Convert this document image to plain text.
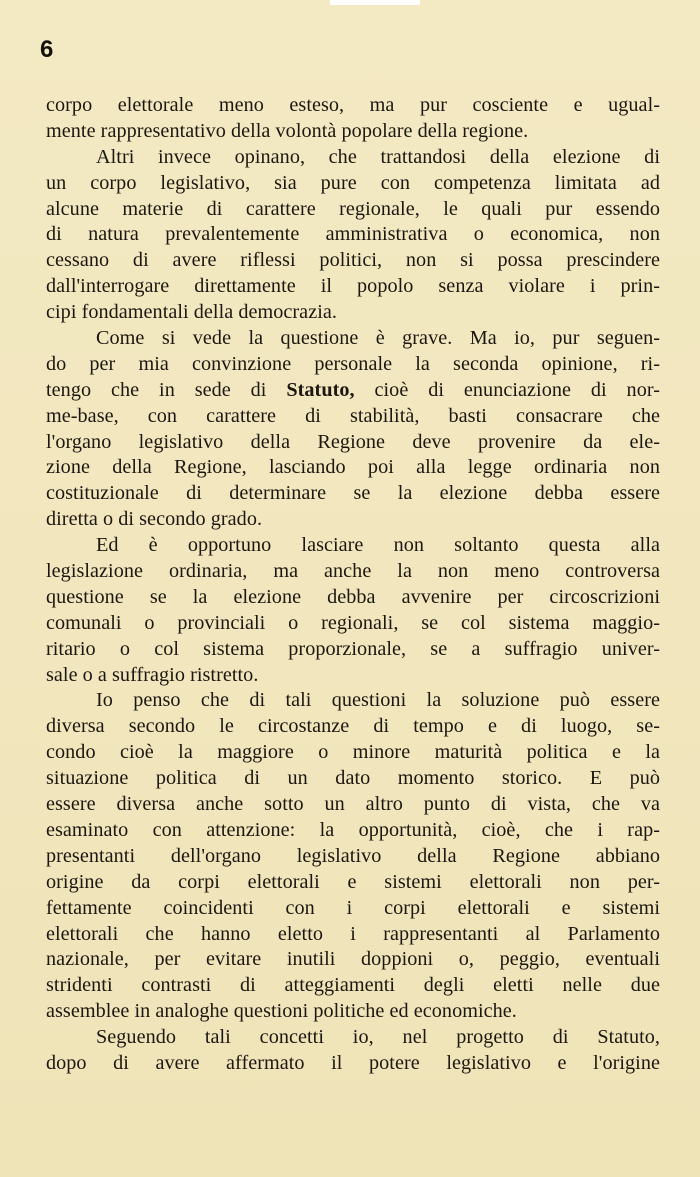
6
corpo elettorale meno esteso, ma pur cosciente e ugual-
mente rappresentativo della volontà popolare della regione.
Altri invece opinano, che trattandosi della elezione di
un corpo legislativo, sia pure con competenza limitata ad
alcune materie di carattere regionale, le quali pur essendo
di natura prevalentemente amministrativa o economica, non
cessano di avere riflessi politici, non si possa prescindere
dall'interrogare direttamente il popolo senza violare i prin-
cipi fondamentali della democrazia.
Come si vede la questione è grave. Ma io, pur seguen-
do per mia convinzione personale la seconda opinione, ri-
tengo che in sede di Statuto, cioè di enunciazione di nor-
me-base, con carattere di stabilità, basti consacrare che
l'organo legislativo della Regione deve provenire da ele-
zione della Regione, lasciando poi alla legge ordinaria non
costituzionale di determinare se la elezione debba essere
diretta o di secondo grado.
Ed è opportuno lasciare non soltanto questa alla
legislazione ordinaria, ma anche la non meno controversa
questione se la elezione debba avvenire per circoscrizioni
comunali o provinciali o regionali, se col sistema maggio-
ritario o col sistema proporzionale, se a suffragio univer-
sale o a suffragio ristretto.
Io penso che di tali questioni la soluzione può essere
diversa secondo le circostanze di tempo e di luogo, se-
condo cioè la maggiore o minore maturità politica e la
situazione politica di un dato momento storico. E può
essere diversa anche sotto un altro punto di vista, che va
esaminato con attenzione: la opportunità, cioè, che i rap-
presentanti dell'organo legislativo della Regione abbiano
origine da corpi elettorali e sistemi elettorali non per-
fettamente coincidenti con i corpi elettorali e sistemi
elettorali che hanno eletto i rappresentanti al Parlamento
nazionale, per evitare inutili doppioni o, peggio, eventuali
stridenti contrasti di atteggiamenti degli eletti nelle due
assemblee in analoghe questioni politiche ed economiche.
Seguendo tali concetti io, nel progetto di Statuto,
dopo di avere affermato il potere legislativo e l'origine
